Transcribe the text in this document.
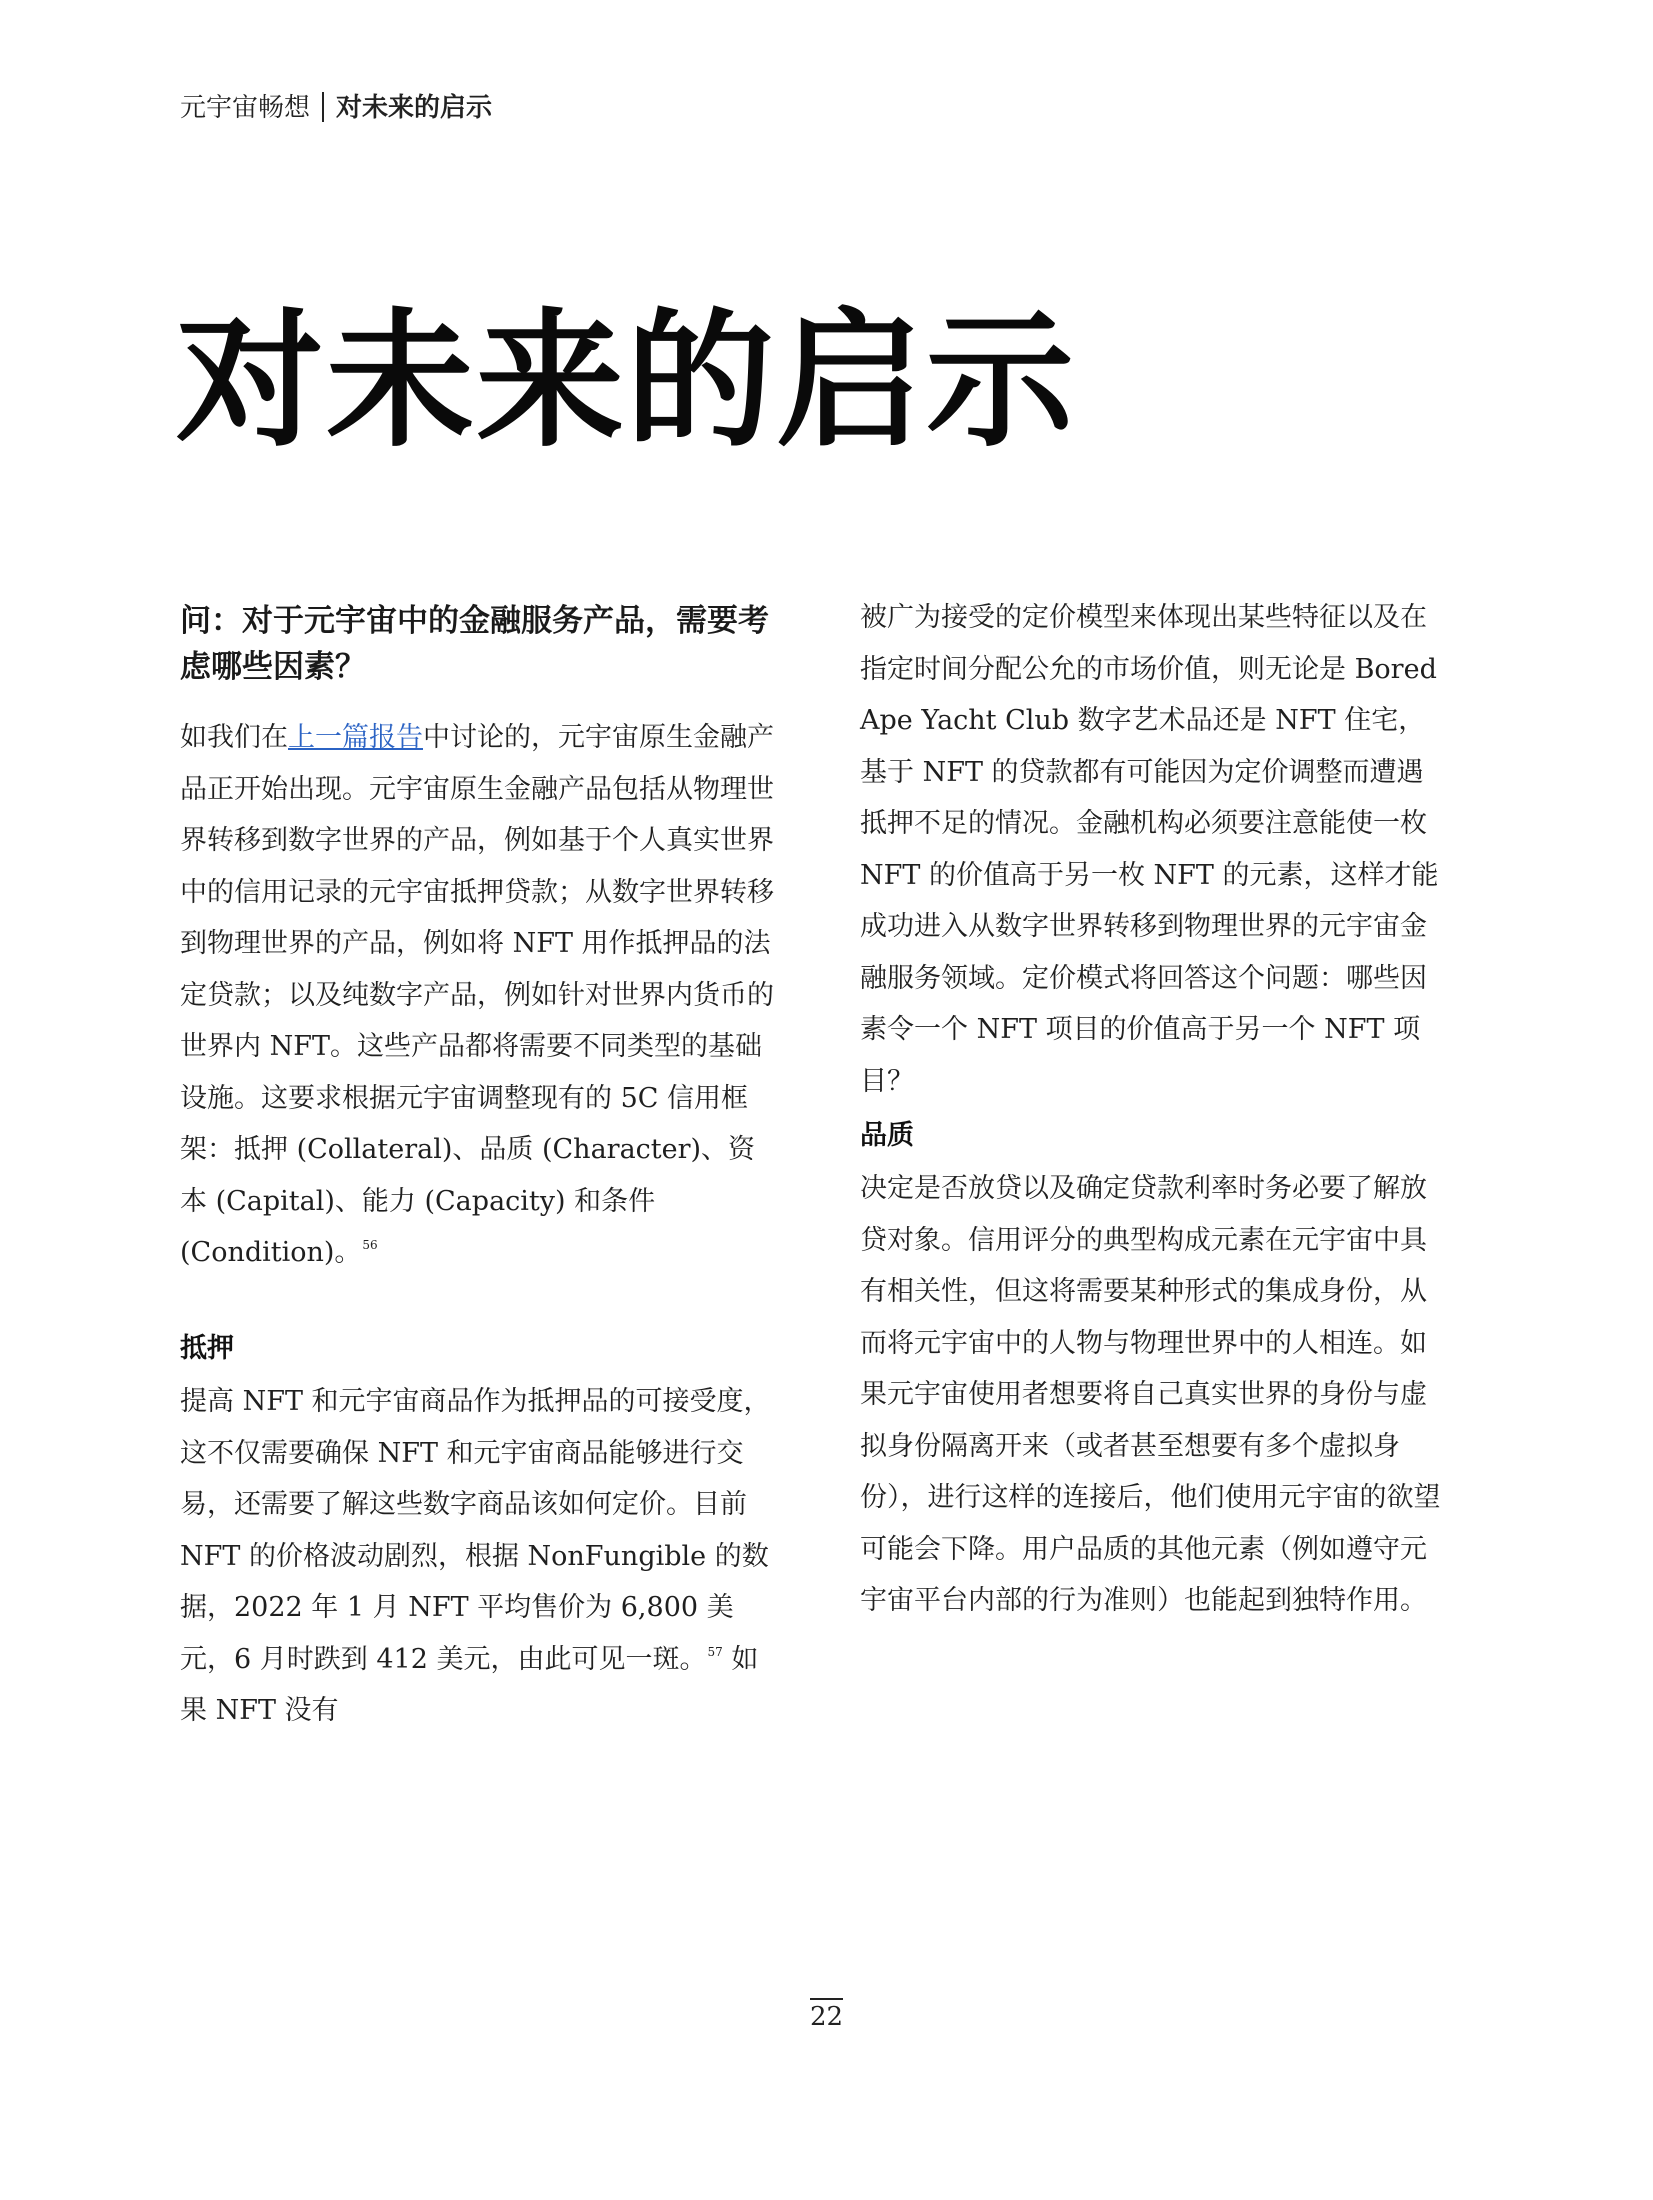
元宇宙畅想 对未来的启示
对未来的启示
问：对于元宇宙中的金融服务产品，需要考虑哪些因素？

如我们在上一篇报告中讨论的，元宇宙原生金融产品正开始出现。元宇宙原生金融产品包括从物理世界转移到数字世界的产品，例如基于个人真实世界中的信用记录的元宇宙抵押贷款；从数字世界转移到物理世界的产品，例如将 NFT 用作抵押品的法定贷款；以及纯数字产品，例如针对世界内货币的世界内 NFT。这些产品都将需要不同类型的基础设施。这要求根据元宇宙调整现有的 5C 信用框架：抵押 (Collateral)、品质 (Character)、资本 (Capital)、能力 (Capacity) 和条件 (Condition)。$^{56}$

抵押

提高 NFT 和元宇宙商品作为抵押品的可接受度，这不仅需要确保 NFT 和元宇宙商品能够进行交易，还需要了解这些数字商品该如何定价。目前 NFT 的价格波动剧烈，根据 NonFungible 的数据，2022 年 1 月 NFT 平均售价为 6,800 美元，6 月时跌到 412 美元，由此可见一斑。$^{57}$ 如果 NFT 没有

被广为接受的定价模型来体现出某些特征以及在指定时间分配公允的市场价值，则无论是 Bored Ape Yacht Club 数字艺术品还是 NFT 住宅，基于 NFT 的贷款都有可能因为定价调整而遭遇抵押不足的情况。金融机构必须要注意能使一枚 NFT 的价值高于另一枚 NFT 的元素，这样才能成功进入从数字世界转移到物理世界的元宇宙金融服务领域。定价模式将回答这个问题：哪些因素令一个 NFT 项目的价值高于另一个 NFT 项目？

品质

决定是否放贷以及确定贷款利率时务必要了解放贷对象。信用评分的典型构成元素在元宇宙中具有相关性，但这将需要某种形式的集成身份，从而将元宇宙中的人物与物理世界中的人相连。如果元宇宙使用者想要将自己真实世界的身份与虚拟身份隔离开来（或者甚至想要有多个虚拟身份），进行这样的连接后，他们使用元宇宙的欲望可能会下降。用户品质的其他元素（例如遵守元宇宙平台内部的行为准则）也能起到独特作用。

22
